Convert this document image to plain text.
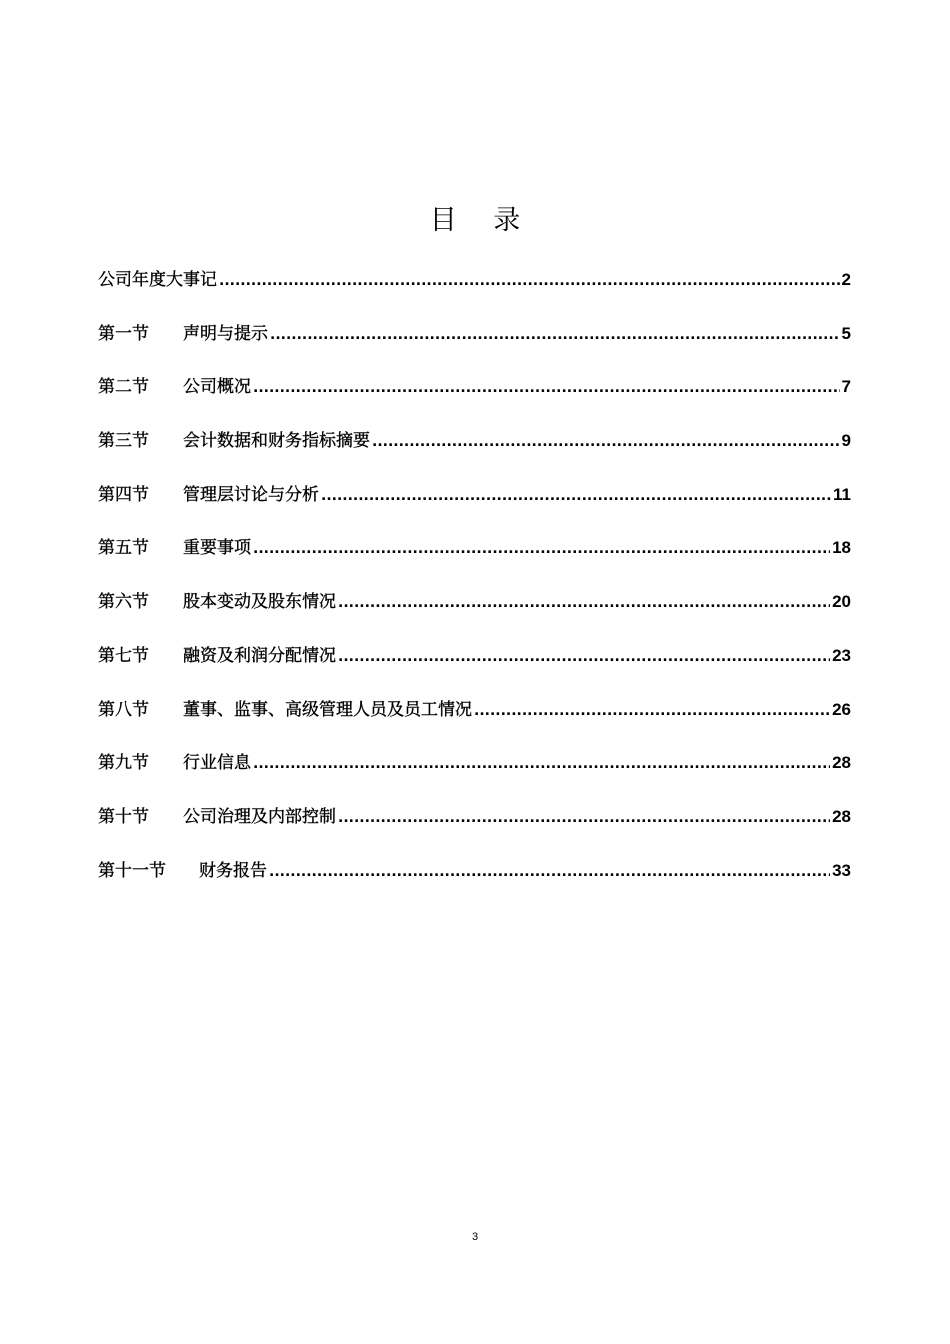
目 录
公司年度大事记 .....	2
第一节	声明与提示 .....	5
第二节	公司概况 .....	7
第三节	会计数据和财务指标摘要 .....	9
第四节	管理层讨论与分析 .....	11
第五节	重要事项 .....	18
第六节	股本变动及股东情况 .....	20
第七节	融资及利润分配情况 .....	23
第八节	董事、监事、高级管理人员及员工情况 .....	26
第九节	行业信息 .....	28
第十节	公司治理及内部控制 .....	28
第十一节	财务报告 .....	33
3
